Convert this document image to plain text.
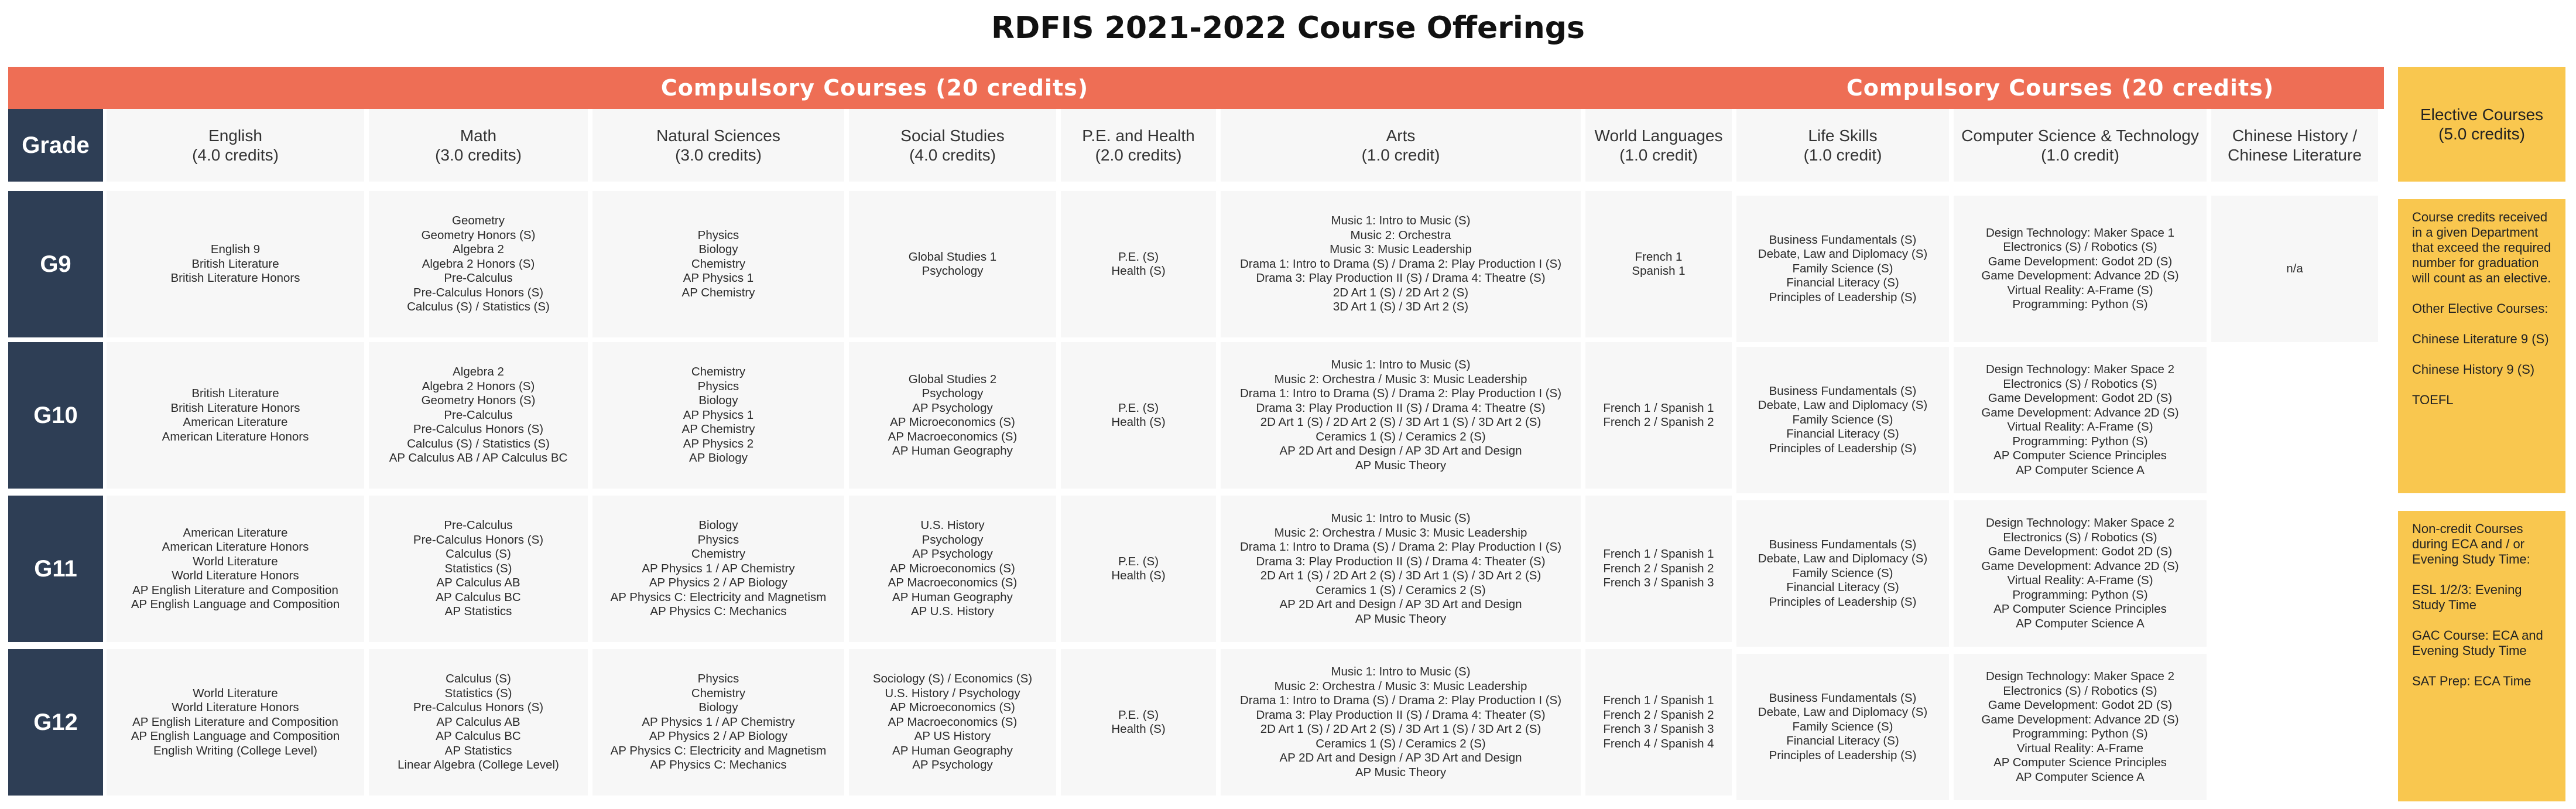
RDFIS 2021-2022 Course Offerings
Compulsory Courses (20 credits)	Compulsory Courses (20 credits)
Elective Courses
(5.0 credits)
Course credits received in a given Department that exceed the required number for graduation will count as an elective.

Other Elective Courses:

Chinese Literature 9 (S)

Chinese History 9 (S)

TOEFL
Non-credit Courses during ECA and / or Evening Study Time:

ESL 1/2/3: Evening Study Time

GAC Course: ECA and Evening Study Time

SAT Prep: ECA Time
Grade	English
(4.0 credits)
Math
(3.0 credits)
Natural Sciences
(3.0 credits)
Social Studies
(4.0 credits)
P.E. and Health
(2.0 credits)
Arts
(1.0 credit)
World Languages
(1.0 credit)
Life Skills
(1.0 credit)
Computer Science & Technology
(1.0 credit)
Chinese History /
Chinese Literature
G9
English 9
British Literature
British Literature Honors
Geometry
Geometry Honors (S)
Algebra 2
Algebra 2 Honors (S)
Pre-Calculus
Pre-Calculus Honors (S)
Calculus (S) / Statistics (S)
Physics
Biology
Chemistry
AP Physics 1
AP Chemistry
Global Studies 1
Psychology
P.E. (S)
Health (S)
Music 1: Intro to Music (S)
Music 2: Orchestra
Music 3: Music Leadership
Drama 1: Intro to Drama (S) / Drama 2: Play Production I (S)
Drama 3: Play Production II (S) / Drama 4: Theatre (S)
2D Art 1 (S) / 2D Art 2 (S)
3D Art 1 (S) / 3D Art 2 (S)
French 1
Spanish 1
Business Fundamentals (S)
Debate, Law and Diplomacy (S)
Family Science (S)
Financial Literacy (S)
Principles of Leadership (S)
Design Technology: Maker Space 1
Electronics (S) / Robotics (S)
Game Development: Godot 2D (S)
Game Development: Advance 2D (S)
Virtual Reality: A-Frame (S)
Programming: Python (S)
n/a
G10
British Literature
British Literature Honors
American Literature
American Literature Honors
Algebra 2
Algebra 2 Honors (S)
Geometry Honors (S)
Pre-Calculus
Pre-Calculus Honors (S)
Calculus (S) / Statistics (S)
AP Calculus AB / AP Calculus BC
Chemistry
Physics
Biology
AP Physics 1
AP Chemistry
AP Physics 2
AP Biology
Global Studies 2
Psychology
AP Psychology
AP Microeconomics (S)
AP Macroeconomics (S)
AP Human Geography
P.E. (S)
Health (S)
Music 1: Intro to Music (S)
Music 2: Orchestra / Music 3: Music Leadership
Drama 1: Intro to Drama (S) / Drama 2: Play Production I (S)
Drama 3: Play Production II (S) / Drama 4: Theatre (S)
2D Art 1 (S) / 2D Art 2 (S) / 3D Art 1 (S) / 3D Art 2 (S)
Ceramics 1 (S) / Ceramics 2 (S)
AP 2D Art and Design / AP 3D Art and Design
AP Music Theory
French 1 / Spanish 1
French 2 / Spanish 2
Business Fundamentals (S)
Debate, Law and Diplomacy (S)
Family Science (S)
Financial Literacy (S)
Principles of Leadership (S)
Design Technology: Maker Space 2
Electronics (S) / Robotics (S)
Game Development: Godot 2D (S)
Game Development: Advance 2D (S)
Virtual Reality: A-Frame (S)
Programming: Python (S)
AP Computer Science Principles
AP Computer Science A
G11
American Literature
American Literature Honors
World Literature
World Literature Honors
AP English Literature and Composition
AP English Language and Composition
Pre-Calculus
Pre-Calculus Honors (S)
Calculus (S)
Statistics (S)
AP Calculus AB
AP Calculus BC
AP Statistics
Biology
Physics
Chemistry
AP Physics 1 / AP Chemistry
AP Physics 2 / AP Biology
AP Physics C: Electricity and Magnetism
AP Physics C: Mechanics
U.S. History
Psychology
AP Psychology
AP Microeconomics (S)
AP Macroeconomics (S)
AP Human Geography
AP U.S. History
P.E. (S)
Health (S)
Music 1: Intro to Music (S)
Music 2: Orchestra / Music 3: Music Leadership
Drama 1: Intro to Drama (S) / Drama 2: Play Production I (S)
Drama 3: Play Production II (S) / Drama 4: Theater (S)
2D Art 1 (S) / 2D Art 2 (S) / 3D Art 1 (S) / 3D Art 2 (S)
Ceramics 1 (S) / Ceramics 2 (S)
AP 2D Art and Design / AP 3D Art and Design
AP Music Theory
French 1 / Spanish 1
French 2 / Spanish 2
French 3 / Spanish 3
Business Fundamentals (S)
Debate, Law and Diplomacy (S)
Family Science (S)
Financial Literacy (S)
Principles of Leadership (S)
Design Technology: Maker Space 2
Electronics (S) / Robotics (S)
Game Development: Godot 2D (S)
Game Development: Advance 2D (S)
Virtual Reality: A-Frame (S)
Programming: Python (S)
AP Computer Science Principles
AP Computer Science A
G12
World Literature
World Literature Honors
AP English Literature and Composition
AP English Language and Composition
English Writing (College Level)
Calculus (S)
Statistics (S)
Pre-Calculus Honors (S)
AP Calculus AB
AP Calculus BC
AP Statistics
Linear Algebra (College Level)
Physics
Chemistry
Biology
AP Physics 1 / AP Chemistry
AP Physics 2 / AP Biology
AP Physics C: Electricity and Magnetism
AP Physics C: Mechanics
Sociology (S) / Economics (S)
U.S. History / Psychology
AP Microeconomics (S)
AP Macroeconomics (S)
AP US History
AP Human Geography
AP Psychology
P.E. (S)
Health (S)
Music 1: Intro to Music (S)
Music 2: Orchestra / Music 3: Music Leadership
Drama 1: Intro to Drama (S) / Drama 2: Play Production I (S)
Drama 3: Play Production II (S) / Drama 4: Theater (S)
2D Art 1 (S) / 2D Art 2 (S) / 3D Art 1 (S) / 3D Art 2 (S)
Ceramics 1 (S) / Ceramics 2 (S)
AP 2D Art and Design / AP 3D Art and Design
AP Music Theory
French 1 / Spanish 1
French 2 / Spanish 2
French 3 / Spanish 3
French 4 / Spanish 4
Business Fundamentals (S)
Debate, Law and Diplomacy (S)
Family Science (S)
Financial Literacy (S)
Principles of Leadership (S)
Design Technology: Maker Space 2
Electronics (S) / Robotics (S)
Game Development: Godot 2D (S)
Game Development: Advance 2D (S)
Programming: Python (S)
Virtual Reality: A-Frame
AP Computer Science Principles
AP Computer Science A
